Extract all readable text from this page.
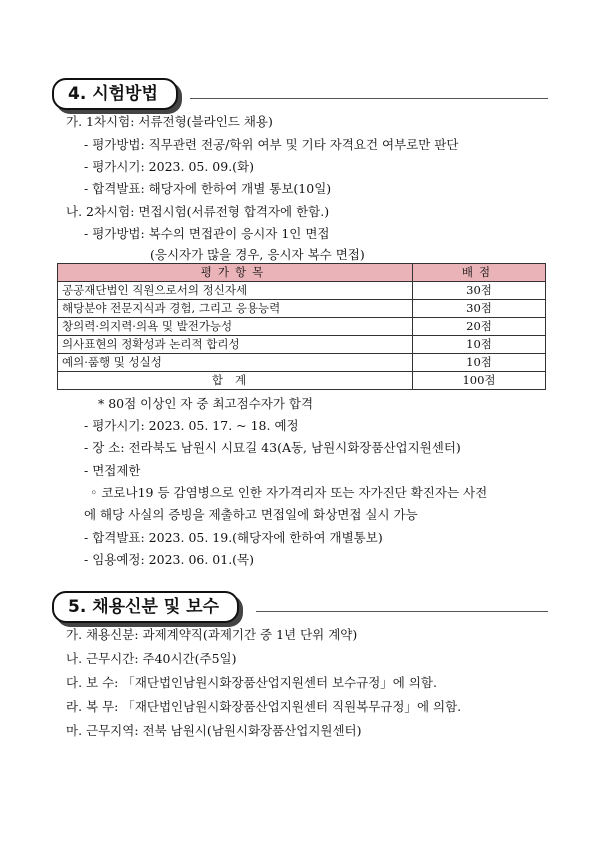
4. 시험방법
가. 1차시험: 서류전형(블라인드 채용)
- 평가방법: 직무관련 전공/학위 여부 및 기타 자격요건 여부로만 판단
- 평가시기: 2023. 05. 09.(화)
- 합격발표: 해당자에 한하여 개별 통보(10일)
나. 2차시험: 면접시험(서류전형 합격자에 한함.)
- 평가방법: 복수의 면접관이 응시자 1인 면접
(응시자가 많을 경우, 응시자 복수 면접)
평가항목	배점
공공재단법인 직원으로서의 정신자세	30점
해당분야 전문지식과 경험, 그리고 응용능력	30점
창의력·의지력·의욕 및 발전가능성	20점
의사표현의 정확성과 논리적 합리성	10점
예의·품행 및 성실성	10점
합계	100점
* 80점 이상인 자 중 최고점수자가 합격
- 평가시기: 2023. 05. 17. ~ 18. 예정
- 장 소: 전라북도 남원시 시묘길 43(A동, 남원시화장품산업지원센터)
- 면접제한
◦ 코로나19 등 감염병으로 인한 자가격리자 또는 자가진단 확진자는 사전
에 해당 사실의 증빙을 제출하고 면접일에 화상면접 실시 가능
- 합격발표: 2023. 05. 19.(해당자에 한하여 개별통보)
- 임용예정: 2023. 06. 01.(목)
5. 채용신분 및 보수
가. 채용신분: 과제계약직(과제기간 중 1년 단위 계약)
나. 근무시간: 주40시간(주5일)
다. 보 수: 「재단법인남원시화장품산업지원센터 보수규정」에 의함.
라. 복 무: 「재단법인남원시화장품산업지원센터 직원복무규정」에 의함.
마. 근무지역: 전북 남원시(남원시화장품산업지원센터)
